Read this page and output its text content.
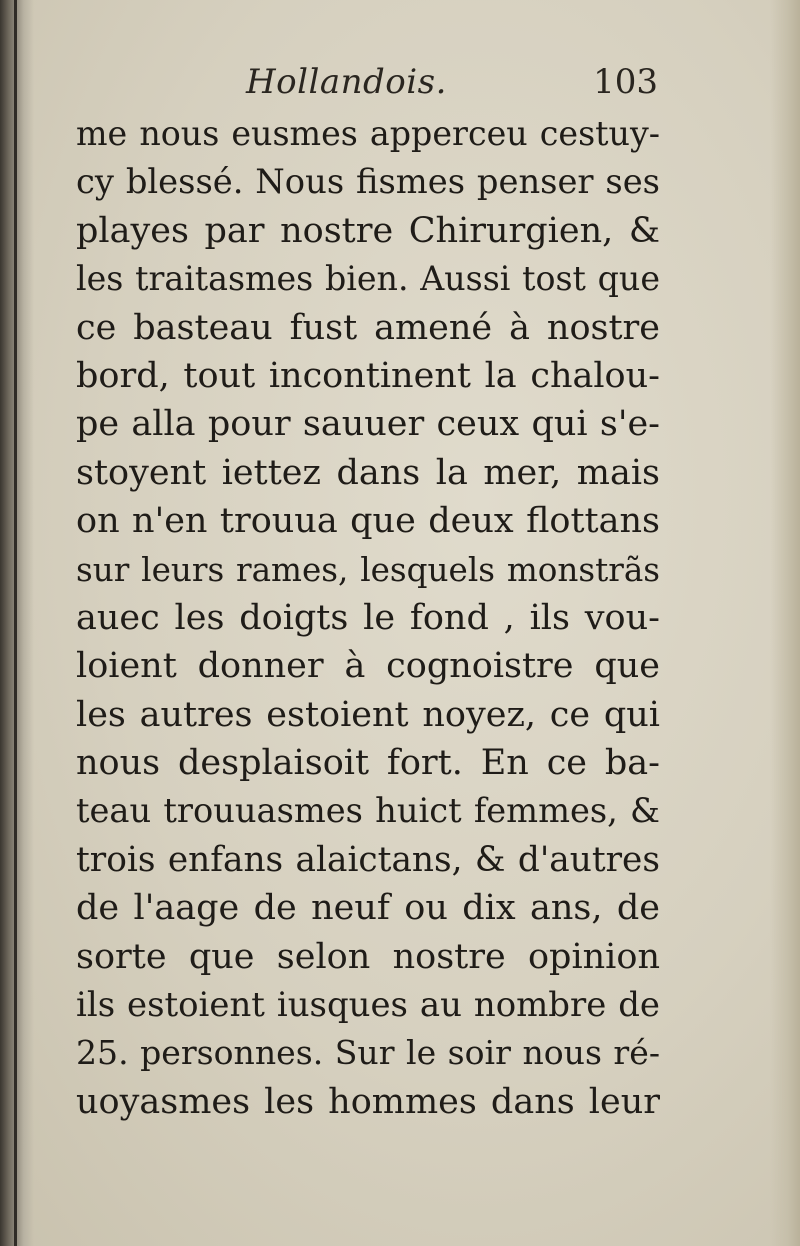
Hollandois.	103
me nous eusmes apperceu cestuy-
cy blessé. Nous fismes penser ses
playes par nostre Chirurgien, &
les traitasmes bien. Aussi tost que
ce basteau fust amené à nostre
bord, tout incontinent la chalou-
pe alla pour sauuer ceux qui s'e-
stoyent iettez dans la mer, mais
on n'en trouua que deux flottans
sur leurs rames, lesquels monstrãs
auec les doigts le fond , ils vou-
loient donner à cognoistre que
les autres estoient noyez, ce qui
nous desplaisoit fort. En ce ba-
teau trouuasmes huict femmes, &
trois enfans alaictans, & d'autres
de l'aage de neuf ou dix ans, de
sorte que selon nostre opinion
ils estoient iusques au nombre de
25. personnes. Sur le soir nous ré-
uoyasmes les hommes dans leur
